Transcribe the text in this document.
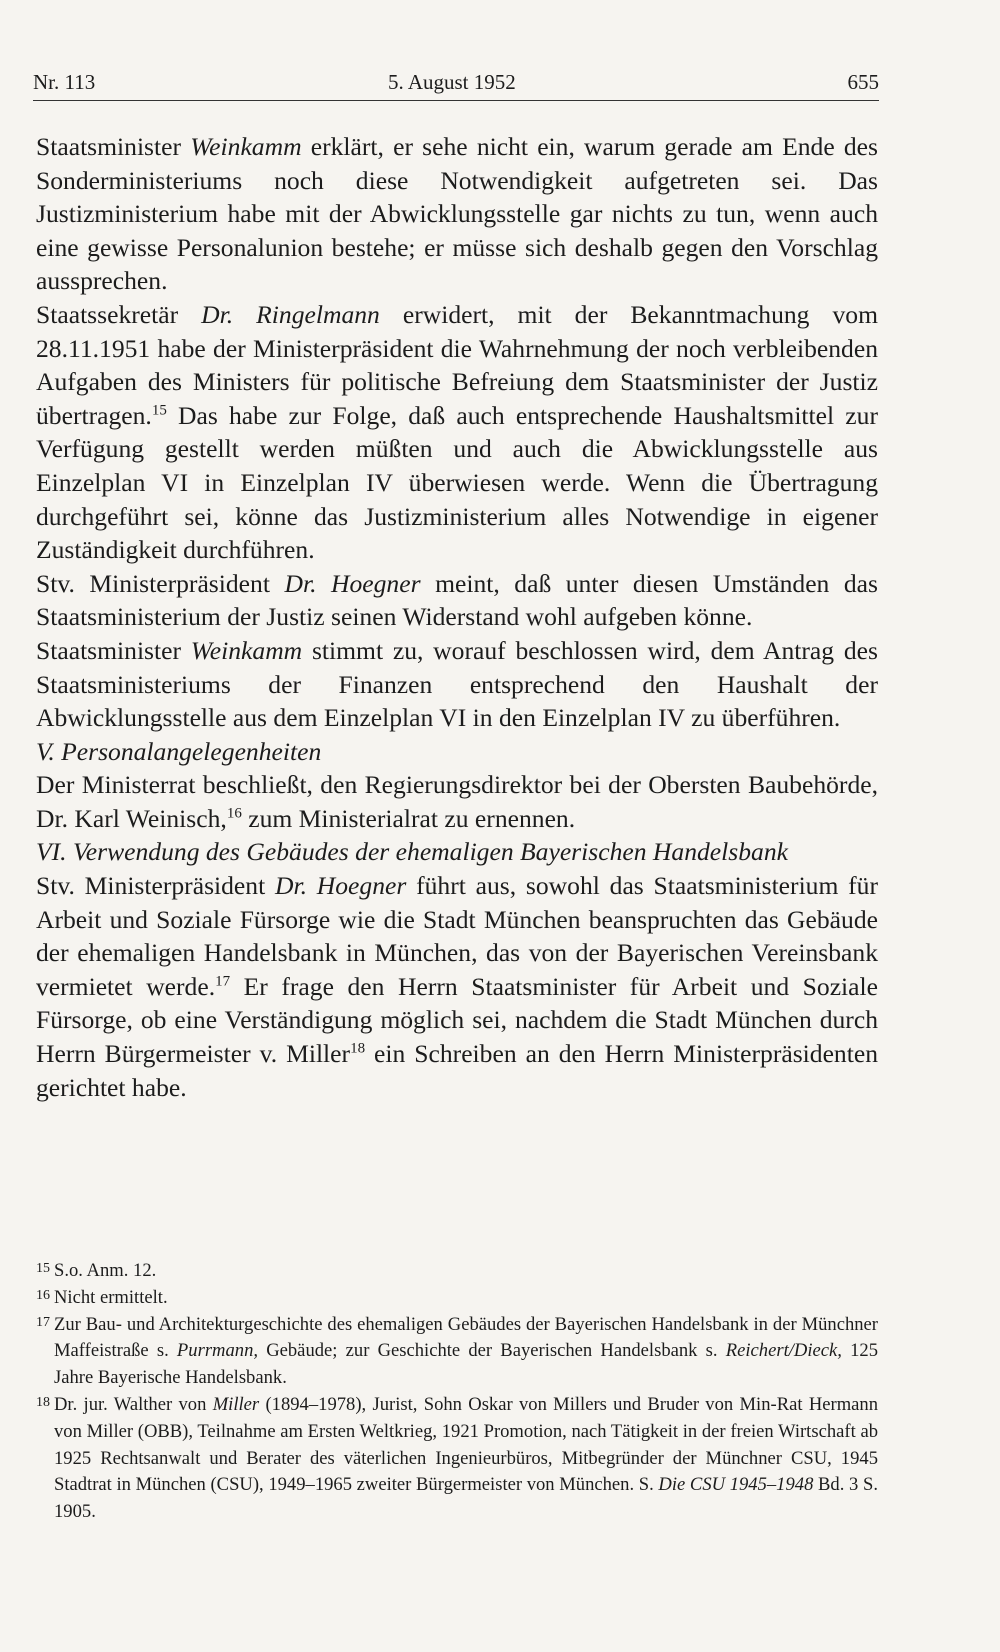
Nr. 113	5. August 1952	655

Staatsminister Weinkamm erklärt, er sehe nicht ein, warum gerade am Ende des Sonderministeriums noch diese Notwendigkeit aufgetreten sei. Das Justizministerium habe mit der Abwicklungsstelle gar nichts zu tun, wenn auch eine gewisse Personalunion bestehe; er müsse sich deshalb gegen den Vorschlag aussprechen.

Staatssekretär Dr. Ringelmann erwidert, mit der Bekanntmachung vom 28.11.1951 habe der Ministerpräsident die Wahrnehmung der noch verbleibenden Aufgaben des Ministers für politische Befreiung dem Staatsminister der Justiz übertragen.$^{15}$ Das habe zur Folge, daß auch entsprechende Haushaltsmittel zur Verfügung gestellt werden müßten und auch die Abwicklungsstelle aus Einzelplan VI in Einzelplan IV überwiesen werde. Wenn die Übertragung durchgeführt sei, könne das Justizministerium alles Notwendige in eigener Zuständigkeit durchführen.

Stv. Ministerpräsident Dr. Hoegner meint, daß unter diesen Umständen das Staatsministerium der Justiz seinen Widerstand wohl aufgeben könne.

Staatsminister Weinkamm stimmt zu, worauf beschlossen wird, dem Antrag des Staatsministeriums der Finanzen entsprechend den Haushalt der Abwicklungsstelle aus dem Einzelplan VI in den Einzelplan IV zu überführen.

V. Personalangelegenheiten

Der Ministerrat beschließt, den Regierungsdirektor bei der Obersten Baubehörde, Dr. Karl Weinisch,$^{16}$ zum Ministerialrat zu ernennen.

VI. Verwendung des Gebäudes der ehemaligen Bayerischen Handelsbank

Stv. Ministerpräsident Dr. Hoegner führt aus, sowohl das Staatsministerium für Arbeit und Soziale Fürsorge wie die Stadt München beanspruchten das Gebäude der ehemaligen Handelsbank in München, das von der Bayerischen Vereinsbank vermietet werde.$^{17}$ Er frage den Herrn Staatsminister für Arbeit und Soziale Fürsorge, ob eine Verständigung möglich sei, nachdem die Stadt München durch Herrn Bürgermeister v. Miller$^{18}$ ein Schreiben an den Herrn Ministerpräsidenten gerichtet habe.

15 S.o. Anm. 12.

16 Nicht ermittelt.

17 Zur Bau- und Architekturgeschichte des ehemaligen Gebäudes der Bayerischen Handelsbank in der Münchner Maffeistraße s. Purrmann, Gebäude; zur Geschichte der Bayerischen Handelsbank s. Reichert/Dieck, 125 Jahre Bayerische Handelsbank.

18 Dr. jur. Walther von Miller (1894–1978), Jurist, Sohn Oskar von Millers und Bruder von Min-Rat Hermann von Miller (OBB), Teilnahme am Ersten Weltkrieg, 1921 Promotion, nach Tätigkeit in der freien Wirtschaft ab 1925 Rechtsanwalt und Berater des väterlichen Ingenieurbüros, Mitbegründer der Münchner CSU, 1945 Stadtrat in München (CSU), 1949–1965 zweiter Bürgermeister von München. S. Die CSU 1945–1948 Bd. 3 S. 1905.
